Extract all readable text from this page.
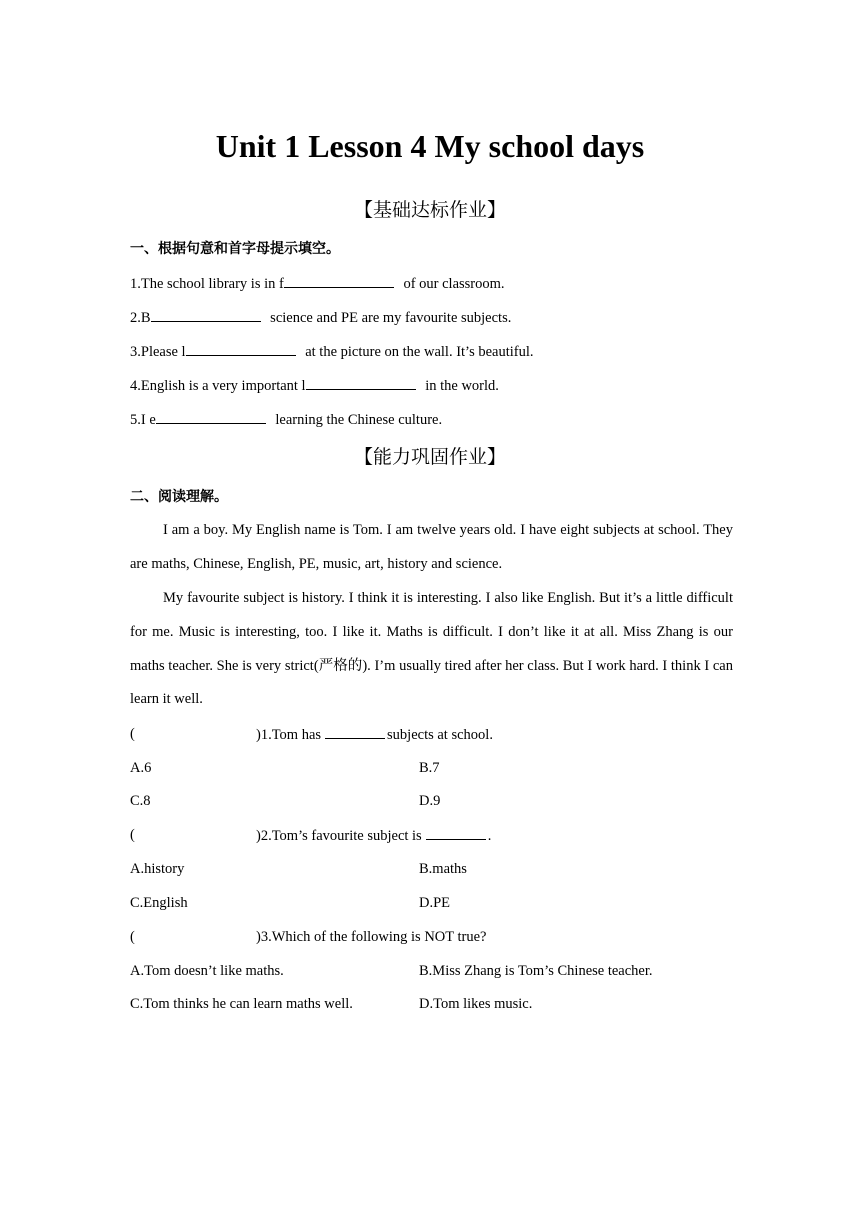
Unit 1 Lesson 4 My school days
【基础达标作业】
一、根据句意和首字母提示填空。
1.The school library is in f	of our classroom.
2.B	science and PE are my favourite subjects.
3.Please l	at the picture on the wall. It’s beautiful.
4.English is a very important l	in the world.
5.I e	learning the Chinese culture.
【能力巩固作业】
二、阅读理解。
I am a boy. My English name is Tom. I am twelve years old. I have eight subjects at school. They are maths, Chinese, English, PE, music, art, history and science.
My favourite subject is history. I think it is interesting. I also like English. But it’s a little difficult for me. Music is interesting, too. I like it. Maths is difficult. I don’t like it at all. Miss Zhang is our maths teacher. She is very strict(严格的). I’m usually tired after her class. But I work hard. I think I can learn it well.
(	)1.Tom has	subjects at school.
A.6	B.7
C.8	D.9
(	)2.Tom’s favourite subject is	.
A.history	B.maths
C.English	D.PE
(	)3.Which of the following is NOT true?
A.Tom doesn’t like maths.	B.Miss Zhang is Tom’s Chinese teacher.
C.Tom thinks he can learn maths well.	D.Tom likes music.
